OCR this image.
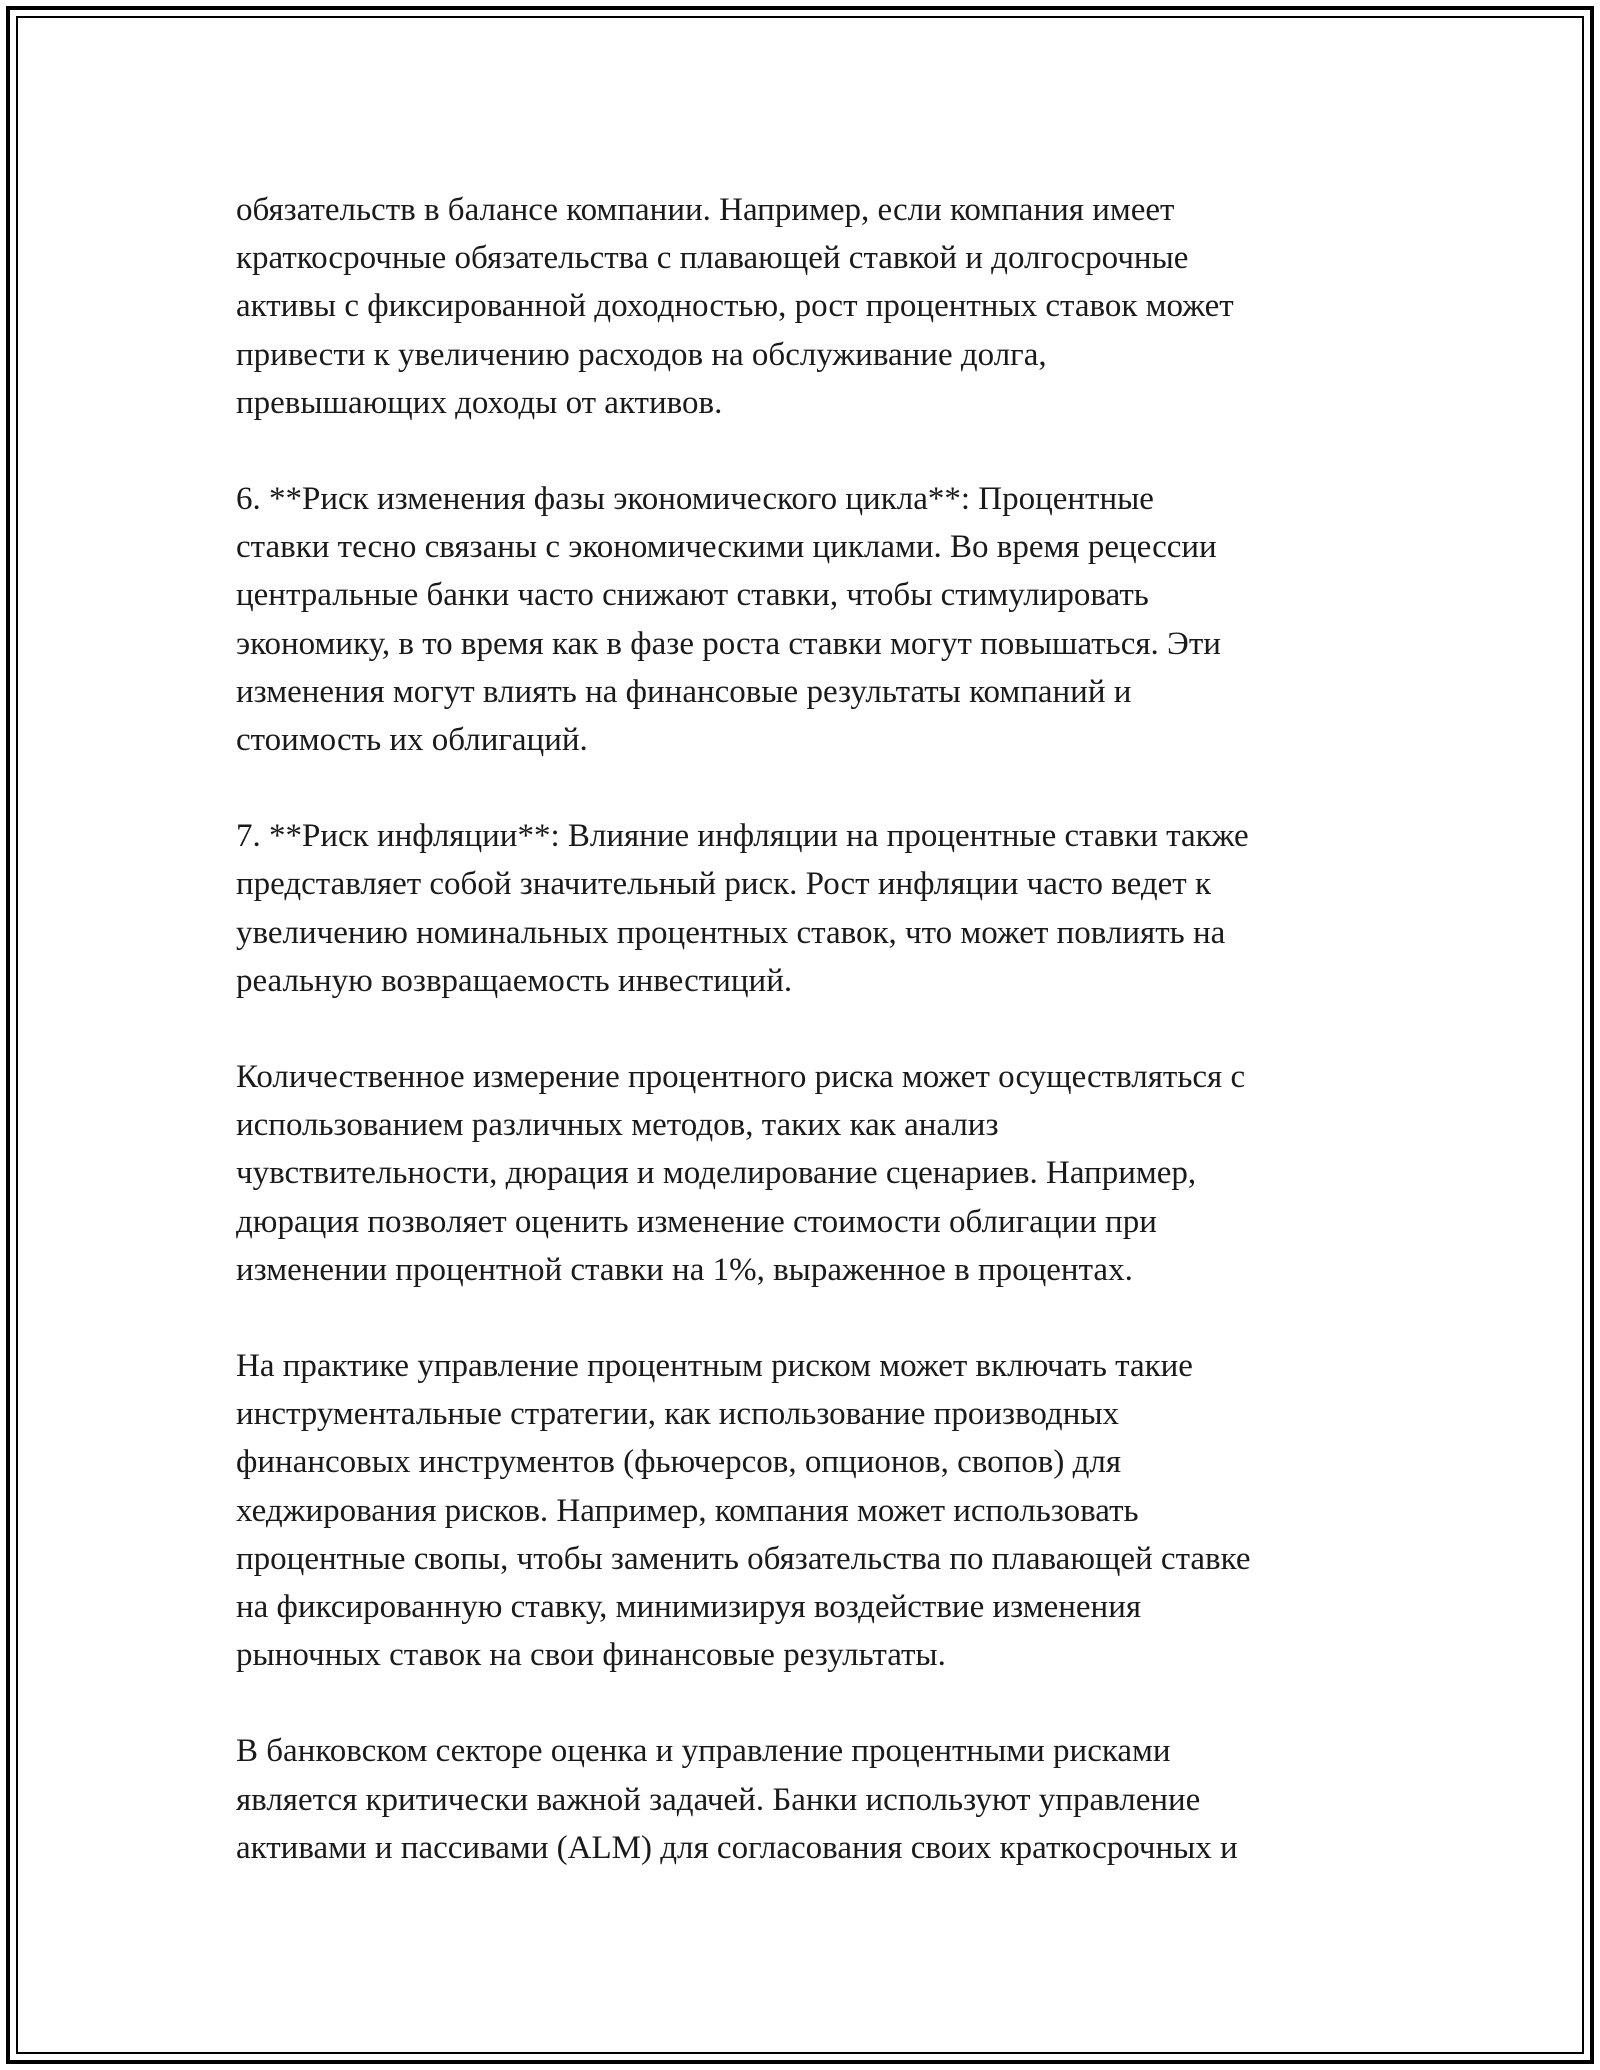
обязательств в балансе компании. Например, если компания имеет
краткосрочные обязательства с плавающей ставкой и долгосрочные
активы с фиксированной доходностью, рост процентных ставок может
привести к увеличению расходов на обслуживание долга,
превышающих доходы от активов.

6. **Риск изменения фазы экономического цикла**: Процентные
ставки тесно связаны с экономическими циклами. Во время рецессии
центральные банки часто снижают ставки, чтобы стимулировать
экономику, в то время как в фазе роста ставки могут повышаться. Эти
изменения могут влиять на финансовые результаты компаний и
стоимость их облигаций.

7. **Риск инфляции**: Влияние инфляции на процентные ставки также
представляет собой значительный риск. Рост инфляции часто ведет к
увеличению номинальных процентных ставок, что может повлиять на
реальную возвращаемость инвестиций.

Количественное измерение процентного риска может осуществляться с
использованием различных методов, таких как анализ
чувствительности, дюрация и моделирование сценариев. Например,
дюрация позволяет оценить изменение стоимости облигации при
изменении процентной ставки на 1%, выраженное в процентах.

На практике управление процентным риском может включать такие
инструментальные стратегии, как использование производных
финансовых инструментов (фьючерсов, опционов, свопов) для
хеджирования рисков. Например, компания может использовать
процентные свопы, чтобы заменить обязательства по плавающей ставке
на фиксированную ставку, минимизируя воздействие изменения
рыночных ставок на свои финансовые результаты.

В банковском секторе оценка и управление процентными рисками
является критически важной задачей. Банки используют управление
активами и пассивами (ALM) для согласования своих краткосрочных и
